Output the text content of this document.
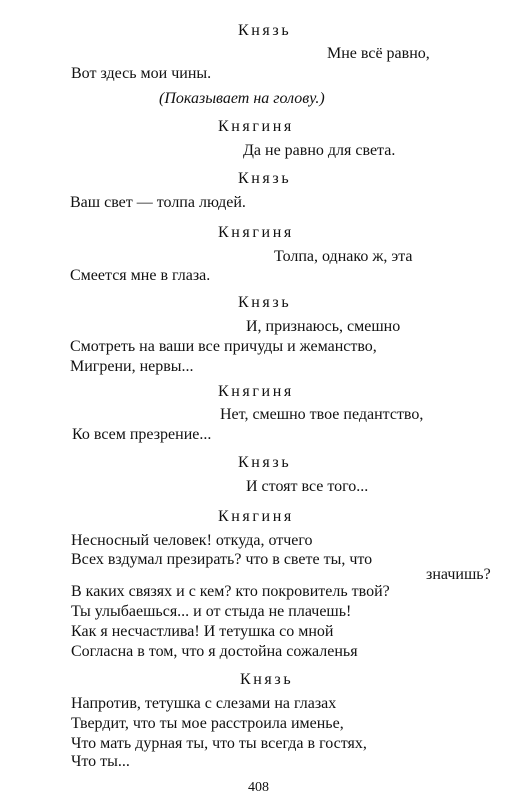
Князь
Мне всё равно,
Вот здесь мои чины.
(Показывает на голову.)
Княгиня
Да не равно для света.
Князь
Ваш свет — толпа людей.
Княгиня
Толпа, однако ж, эта
Смеется мне в глаза.
Князь
И, признаюсь, смешно
Смотреть на ваши все причуды и жеманство,
Мигрени, нервы...
Княгиня
Нет, смешно твое педантство,
Ко всем презрение...
Князь
И стоят все того...
Княгиня
Несносный человек! откуда, отчего
Всех вздумал презирать? что в свете ты, что
значишь?
В каких связях и с кем? кто покровитель твой?
Ты улыбаешься... и от стыда не плачешь!
Как я несчастлива! И тетушка со мной
Согласна в том, что я достойна сожаленья
Князь
Напротив, тетушка с слезами на глазах
Твердит, что ты мое расстроила именье,
Что мать дурная ты, что ты всегда в гостях,
Что ты...
408
